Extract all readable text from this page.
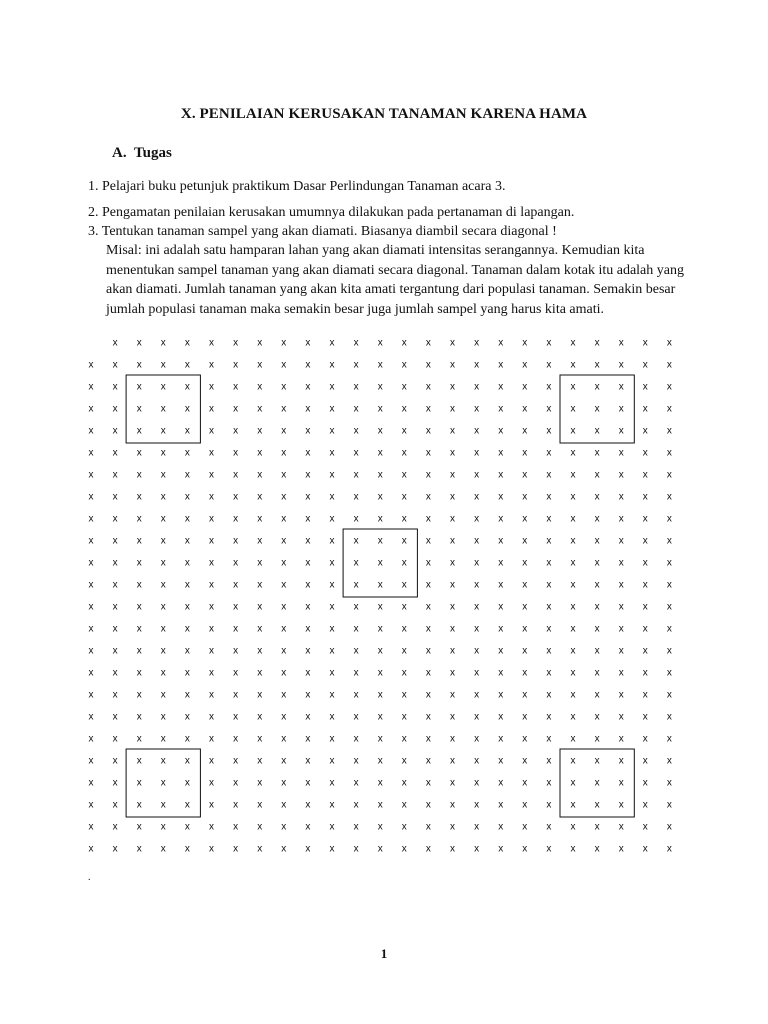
X. PENILAIAN KERUSAKAN TANAMAN KARENA HAMA
A. Tugas
1. Pelajari buku petunjuk praktikum Dasar Perlindungan Tanaman acara 3.
2. Pengamatan penilaian kerusakan umumnya dilakukan pada pertanaman di lapangan.
3. Tentukan tanaman sampel yang akan diamati. Biasanya diambil secara diagonal !
Misal: ini adalah satu hamparan lahan yang akan diamati intensitas serangannya. Kemudian kita menentukan sampel tanaman yang akan diamati secara diagonal. Tanaman dalam kotak itu adalah yang akan diamati. Jumlah tanaman yang akan kita amati tergantung dari populasi tanaman. Semakin besar jumlah populasi tanaman maka semakin besar juga jumlah sampel yang harus kita amati.
x x x x x x x x x x x x x x x x x x x x x x x x
x x x x x x x x x x x x x x x x x x x x x x x x x
x x x x x x x x x x x x x x x x x x x x x x x x x
x x x x x x x x x x x x x x x x x x x x x x x x x
x x x x x x x x x x x x x x x x x x x x x x x x x
x x x x x x x x x x x x x x x x x x x x x x x x x
x x x x x x x x x x x x x x x x x x x x x x x x x
x x x x x x x x x x x x x x x x x x x x x x x x x
x x x x x x x x x x x x x x x x x x x x x x x x x
x x x x x x x x x x x x x x x x x x x x x x x x x
x x x x x x x x x x x x x x x x x x x x x x x x x
x x x x x x x x x x x x x x x x x x x x x x x x x
x x x x x x x x x x x x x x x x x x x x x x x x x
x x x x x x x x x x x x x x x x x x x x x x x x x
x x x x x x x x x x x x x x x x x x x x x x x x x
x x x x x x x x x x x x x x x x x x x x x x x x x
x x x x x x x x x x x x x x x x x x x x x x x x x
x x x x x x x x x x x x x x x x x x x x x x x x x
x x x x x x x x x x x x x x x x x x x x x x x x x
x x x x x x x x x x x x x x x x x x x x x x x x x
x x x x x x x x x x x x x x x x x x x x x x x x x
x x x x x x x x x x x x x x x x x x x x x x x x x
x x x x x x x x x x x x x x x x x x x x x x x x x
x x x x x x x x x x x x x x x x x x x x x x x x x
.
1
